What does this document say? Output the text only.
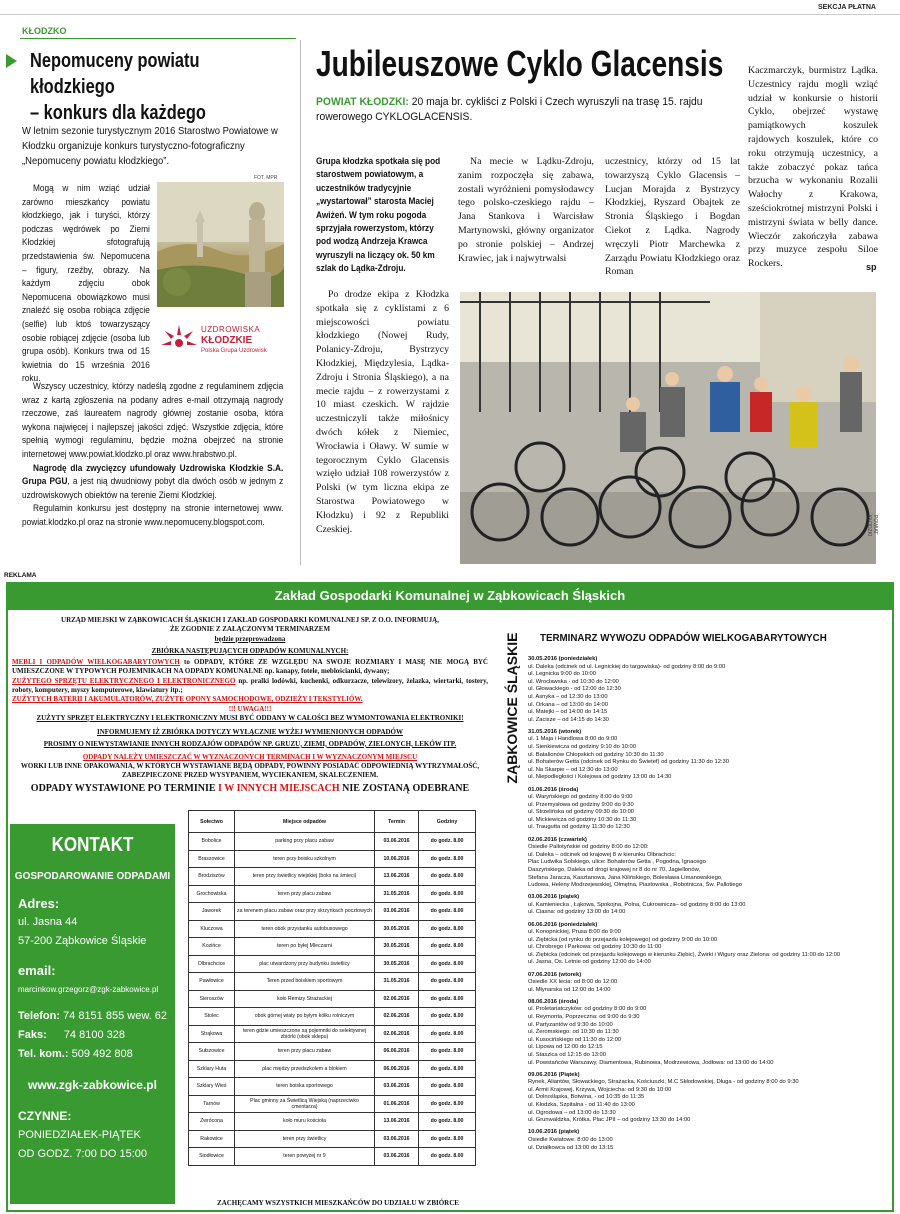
SEKCJA PŁATNA
KŁODZKO
Nepomuceny powiatu kłodzkiego
– konkurs dla każdego
W letnim sezonie turystycznym 2016 Starostwo Powiatowe w Kłodzku organizuje konkurs turystyczno-fotograficzny „Nepomuceny powiatu kłodzkiego”.
FOT. MPR
UZDROWISKA
KŁODZKIE
Polska Grupa Uzdrowisk

Mogą w nim wziąć udział zarówno mieszkańcy powiatu kłodzkiego, jak i turyści, którzy podczas wędrówek po Ziemi Kłodzkiej sfotografują przedstawienia św. Nepomucena – figury, rzeźby, obrazy. Na każdym zdjęciu obok Nepomucena obowiązkowo musi znaleźć się osoba robiąca zdjęcie (selfie) lub ktoś towarzyszący osobie robiącej zdjęcie (osoba lub grupa osób). Konkurs trwa od 15 kwietnia do 15 września 2016 roku.

Wszyscy uczestnicy, którzy nadeślą zgodne z regulaminem zdjęcia wraz z kartą zgłoszenia na podany adres e-mail otrzymają nagrody rzeczowe, zaś laureatem nagrody głównej zostanie osoba, która wykona najwięcej i najlepszej jakości zdjęć. Wszystkie zdjęcia, które spełnią wymogi regulaminu, będzie można obejrzeć na stronie internetowej www.powiat.klodzko.pl oraz www.hrabstwo.pl.

Nagrodę dla zwycięzcy ufundowały Uzdrowiska Kłodzkie S.A. Grupa PGU, a jest nią dwudniowy pobyt dla dwóch osób w jednym z uzdrowiskowych obiektów na terenie Ziemi Kłodzkiej.

Regulamin konkursu jest dostępny na stronie internetowej www. powiat.klodzko.pl oraz na stronie www.nepomuceny.blogspot.com.

Jubileuszowe Cyklo Glacensis
POWIAT KŁODZKI: 20 maja br. cykliści z Polski i Czech wyruszyli na trasę 15. rajdu rowerowego CYKLOGLACENSIS.
Grupa kłodzka spotkała się pod starostwem powiatowym, a uczestników tradycyjnie „wystartował” starosta Maciej Awiżeń. W tym roku pogoda sprzyjała rowerzystom, którzy pod wodzą Andrzeja Krawca wyruszyli na liczący ok. 50 km szlak do Lądka-Zdroju.

Po drodze ekipa z Kłodzka spotkała się z cyklistami z 6 miejscowości powiatu kłodzkiego (Nowej Rudy, Polanicy-Zdroju, Bystrzycy Kłodzkiej, Międzylesia, Lądka-Zdroju i Stronia Śląskiego), a na mecie rajdu – z rowerzystami z 10 miast czeskich. W rajdzie uczestniczyli także miłośnicy dwóch kółek z Niemiec, Wrocławia i Oławy. W sumie w tegorocznym Cyklo Glacensis wzięło udział 108 rowerzystów z Polski (w tym liczna ekipa ze Starostwa Powiatowego w Kłodzku) i 92 z Republiki Czeskiej.

Na mecie w Lądku-Zdroju, zanim rozpoczęła się zabawa, zostali wyróżnieni pomysłodawcy tego polsko-czeskiego rajdu – Jana Stankova i Warcisław Martynowski, główny organizator po stronie polskiej – Andrzej Krawiec, jak i najwytrwalsi

uczestnicy, którzy od 15 lat towarzyszą Cyklo Glacensis – Lucjan Morajda z Bystrzycy Kłodzkiej, Ryszard Obajtek ze Stronia Śląskiego i Bogdan Ciekot z Lądka. Nagrody wręczyli Piotr Marchewka z Zarządu Powiatu Kłodzkiego oraz Roman
Kaczmarczyk, burmistrz Lądka. Uczestnicy rajdu mogli wziąć udział w konkursie o historii Cyklo, obejrzeć wystawę pamiątkowych koszulek rajdowych koszulek, które co roku otrzymują uczestnicy, a także zobaczyć pokaz tańca brzucha w wykonaniu Rozalii Wałochy z Krakowa, sześciokrotnej mistrzyni Polski i mistrzyni świata w belly dance. Wieczór zakończyła zabawa przy muzyce zespołu Siloe Rockers.	sp
POWIAT KŁODZKI
REKLAMA
Zakład Gospodarki Komunalnej w Ząbkowicach Śląskich
URZĄD MIEJSKI W ZĄBKOWICACH ŚLĄSKICH I ZAKŁAD GOSPODARKI KOMUNALNEJ SP. Z O.O. INFORMUJĄ,
ŻE ZGODNIE Z ZAŁĄCZONYM TERMINARZEM
będzie przeprowadzona
ZBIÓRKA NASTĘPUJĄCYCH ODPADÓW KOMUNALNYCH:
MEBLI I ODPADÓW WIELKOGABARYTOWYCH to ODPADY, KTÓRE ZE WZGLĘDU NA SWOJE ROZMIARY I MASĘ NIE MOGĄ BYĆ UMIESZCZONE W TYPOWYCH POJEMNIKACH NA ODPADY KOMUNALNE np. kanapy, fotele, meblościanki, dywany;
ZUŻYTEGO SPRZĘTU ELEKTRYCZNEGO I ELEKTRONICZNEGO np. pralki lodówki, kuchenki, odkurzacze, telewizory, żelazka, wiertarki, tostery, roboty, komputery, myszy komputerowe, klawiatury itp.;
ZUŻYTYCH BATERII I AKUMULATORÓW, ZUŻYTE OPONY SAMOCHODOWE, ODZIEŻY I TEKSTYLIÓW.
!!! UWAGA!!!
ZUŻYTY SPRZĘT ELEKTRYCZNY I ELEKTRONICZNY MUSI BYĆ ODDANY W CAŁOŚCI BEZ WYMONTOWANIA ELEKTRONIKI!
INFORMUJEMY IŻ ZBIÓRKA DOTYCZY WYŁĄCZNIE WYŻEJ WYMIENIONYCH ODPADÓW
PROSIMY O NIEWYSTAWIANIE INNYCH RODZAJÓW ODPADÓW NP. GRUZU, ZIEMI, ODPADÓW, ZIELONYCH, LEKÓW ITP.
ODPADY NALEŻY UMIESZCZAĆ W WYZNACZONYCH TERMINACH I W WYZNACZONYM MIEJSCU
WORKI LUB INNE OPAKOWANIA, W KTÓRYCH WYSTAWIANE BĘDĄ ODPADY, POWINNY POSIADAĆ ODPOWIEDNIĄ WYTRZYMAŁOŚĆ, ZABEZPIECZONE PRZED WYSYPANIEM, WYCIEKANIEM, SKALECZENIEM.
ODPADY WYSTAWIONE PO TERMINIE I W INNYCH MIEJSCACH NIE ZOSTANĄ ODEBRANE
KONTAKT
GOSPODAROWANIE ODPADAMI
Adres:
ul. Jasna 44
57-200 Ząbkowice Śląskie
email:
marcinkow.grzegorz@zgk-zabkowice.pl
Telefon: 74 8151 855 wew. 62
Faks: 74 8100 328
Tel. kom.: 509 492 808
www.zgk-zabkowice.pl
CZYNNE:
PONIEDZIAŁEK-PIĄTEK
OD GODZ. 7:00 DO 15:00
Sołectwo	Miejsce odpadów	Termin	Godziny
Bobolice	parking przy placu zabaw	03.06.2016	do godz. 8.00
Braszowice	teren przy boisku szkolnym	10.06.2016	do godz. 8.00
Brodziszów	teren przy świetlicy wiejskiej (boks na śmieci)	13.06.2016	do godz. 8.00
Grochowiska	teren przy placu zabaw	31.05.2016	do godz. 8.00
Jaworek	za terenem placu zabaw oraz przy skrzynkach pocztowych	03.06.2016	do godz. 8.00
Kluczowa	teren obok przystanku autobusowego	30.05.2016	do godz. 8.00
Kozińce	teren po byłej Mleczarni	30.05.2016	do godz. 8.00
Olbrachcice	plac utwardzony przy budynku świetlicy	30.05.2016	do godz. 8.00
Pawłowice	Teren przed boiskiem sportowym	31.05.2016	do godz. 8.00
Sieroszów	koło Remizy Strażackiej	02.06.2016	do godz. 8.00
Stolec	obok górnej wiaty po byłym kółku rolniczym	02.06.2016	do godz. 8.00
Strąkowa	teren gdzie umieszczone są pojemniki do selektywnej zbiórki (obok sklepu)	02.06.2016	do godz. 8.00
Sułszowice	teren przy placu zabaw	06.06.2016	do godz. 8.00
Szklary Huta	plac między przedszkolem a blokiem	06.06.2016	do godz. 8.00
Szklary Wieś	teren boiska sportowego	03.06.2016	do godz. 8.00
Tarnów	Plac gminny za Świetlicą Wiejską (naprzeciwko cmentarza)	01.06.2016	do godz. 8.00
Zwrócona	koło muru kościoła	13.06.2016	do godz. 8.00
Rakowice	teren przy świetlicy	03.06.2016	do godz. 8.00
Siodłowice	teren powyżej nr 9	03.06.2016	do godz. 8.00
ZACHĘCAMY WSZYSTKICH MIESZKAŃCÓW DO UDZIAŁU W ZBIÓRCE
ZĄBKOWICE ŚLĄSKIE TERMINARZ WYWOZU ODPADÓW WIELKOGABARYTOWYCH
30.05.2016 (poniedziałek)
ul. Daleka (odcinek od ul. Legnickiej do targowiska)- od godziny 8:00 do 9:00
ul. Legnicka 9:00 do 10:00
ul. Wrocławska - od 10:30 do 12:00
ul. Głowackiego - od 12:00 do 12:30
ul. Asnyka – od 12:30 do 13:00
ul. Orkana – od 13:00 do 14:00
ul. Matejki – od 14:00 do 14:15
ul. Zacisze – od 14:15 do 14:30
31.05.2016 (wtorek)
ul. 1 Maja i Handlowa 8:00 do 9:00
ul. Sienkiewicza od godziny 9:10 do 10:00
ul. Batalionów Chłopskich od godziny 10:30 do 11:30
ul. Bohaterów Getta (odcinek od Rynku do Świetef) od godziny 11:30 do 12:30
ul. Na Skarpie – od 12:30 do 13:00
ul. Niepodległości i Kolejowa od godziny 13:00 do 14:30
01.06.2016 (środa)
ul. Waryńskiego od godziny 8:00 do 9:00
ul. Przemysłowa od godziny 9:00 do 9:30
ul. Strzelińska od godziny 09:30 do 10:00
ul. Mickiewicza od godziny 10:30 do 11:30
ul. Traugutta od godziny 11:30 do 12:30
02.06.2016 (czwartek)
Osiedle Pallotyńskie od godziny 8:00 do 12:00:
ul. Daleka – odcinek od krajowej 8 w kierunku Olbrachcic:
Plac Ludwika Solskiego, ulice: Bohaterów Getta , Pogodna, Ignacego
Daszyńskiego, Daleka od drogi krajowej nr 8 do nr 70, Jagiellonów,
Stefana Jaracza, Kasztanowa, Jana Kilińskiego, Bolesława Limanowskiego,
Ludowa, Heleny Modrzejewskiej, Ołmętna, Piastowska , Robotnicza, Św. Pallotiego
03.06.2016 (piątek)
ul. Kamieniecka , Łąkowa, Spokojna, Polna, Cukrownicza– od godziny 8:00 do 13:00
ul. Ciasna: od godziny 13:00 do 14:00
06.06.2016 (poniedziałek)
ul. Konopnickiej, Prusa 8:00 do 9:00
ul. Ziębicka (od rynku do przejazdu kolejowego) od godziny 9:00 do 10:00
ul. Chrobrego i Parkowa: od godziny 10:30 do 11:00
ul. Ziębicka (odcinek od przejazdu kolejowego w kierunku Ziębic), Żwirki i Wigury oraz Zielona: od godziny 11:00 do 12:00
ul. Jasna, Os. Letnie od godziny 12:00 do 14:00
07.06.2016 (wtorek)
Osiedle XX lecia: od 8:00 do 12:00
ul. Młynarska od 12:00 do 14:00
08.06.2016 (środa)
ul. Proletariatczyków: od godziny 8:00 do 9:00
ul. Reymonta, Poprzeczna: od 9:00 do 9:30
ul. Partyzantów od 9:30 do 10:00
ul. Żeromskiego: od 10:30 do 11:30
ul. Kusocińskiego od 11:30 do 12:00
ul. Lipowa od 12:00 do 12:15
ul. Staszica od 12:15 do 13:00
ul. Powstańców Warszawy, Diamentowa, Rubinowa, Modrzewiowa, Jodłowa: od 13:00 do 14:00
09.06.2016 (Piątek)
Rynek, Aliantów, Słowackiego, Strażacka, Kościuszki, M.C Skłodowskiej, Długa - od godziny 8:00 do 9:30
ul. Armii Krajowej, Krzywa, Wojciecha: od 9:30 do 10:00
ul. Dolnośląska, Botwina, - od 10:35 do 11:35
ul. Kłodzka, Szpitalna - od 11:40 do 13:00
ul. Ogrodowa – od 13:00 do 13:30
ul. Grunwaldzka, Krótka, Plac JPII – od godziny 13:30 do 14:00
10.06.2016 (piątek)
Osiedle Kwiatowe. 8:00 do 13:00
ul. Działkowca od 13:00 do 13:15
